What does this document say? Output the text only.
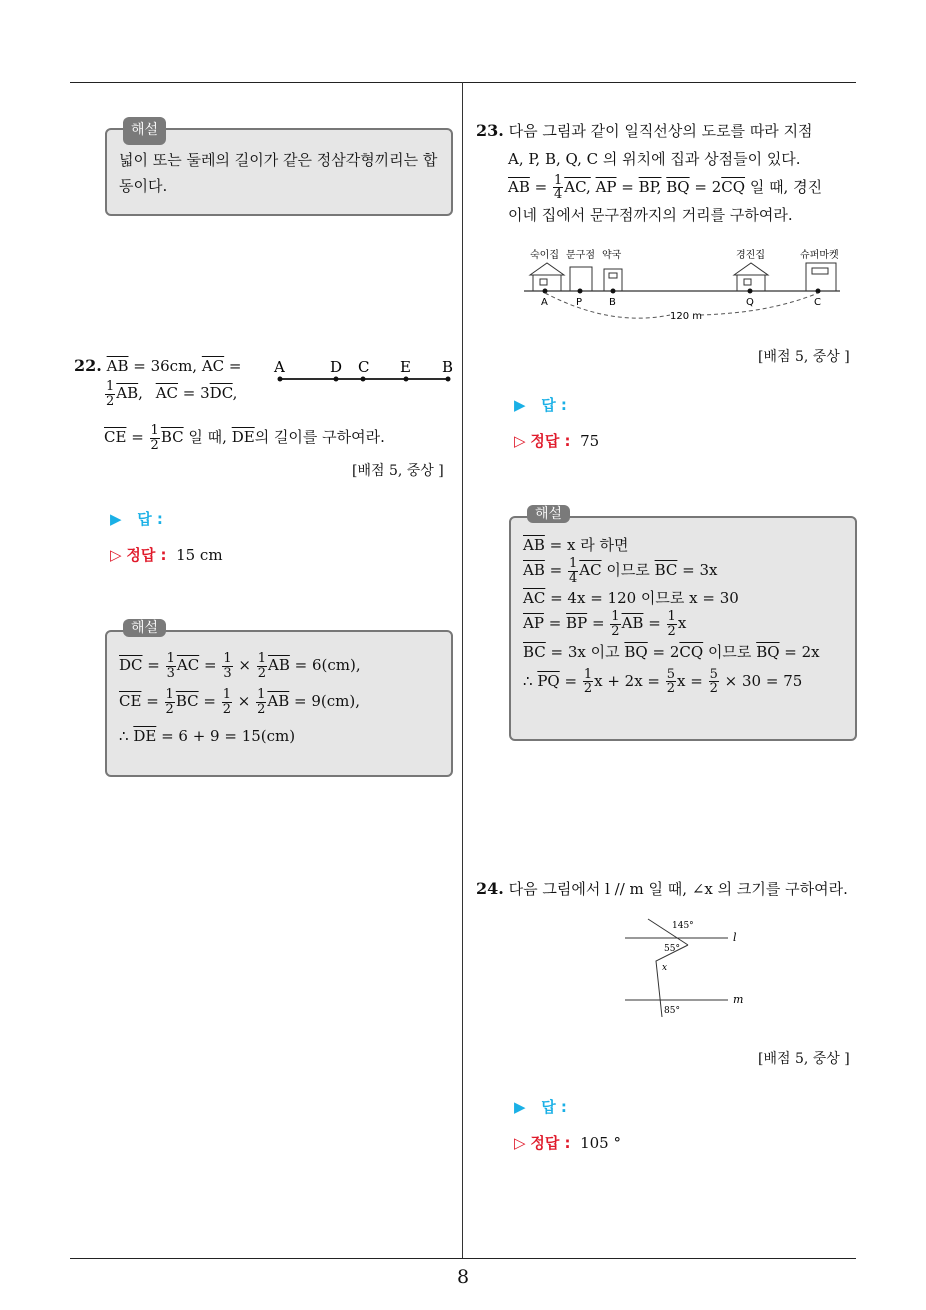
8
해설

넓이 또는 둘레의 길이가 같은 정삼각형끼리는 합

동이다.

22. $\overline{AB} = 36cm$, $\overline{AC}$ =

$\frac{1}{2} \overline{AB}$, $\overline{AC} = 3\overline{DC}$,
$\overline{CE} = \frac{1}{2} \overline{BC}$ 일 때, $\overline{DE}$의 길이를 구하여라.
A	D C E B
[배점 5, 중상 ]
▶ 답 :
▷ 정답 : 15 cm
해설

$\overline{DC} = \frac{1}{3} \overline{AC} = \frac{1}{3} \times \frac{1}{2} \overline{AB} = 6(cm)$,

$\overline{CE} = \frac{1}{2} \overline{BC} = \frac{1}{2} \times \frac{1}{2} \overline{AB} = 9(cm)$,

∴ $\overline{DE} = 6 + 9 = 15(cm)$

23. 다음 그림과 같이 일직선상의 도로를 따라 지점
A, P, B, Q, C 의 위치에 집과 상점들이 있다.
$\overline{AB} = \frac{1}{4}$ AC, $\overline{AP}$ = BP, $\overline{BQ} = 2\overline{CQ}$ 일 때, 경진
이네 집에서 문구점까지의 거리를 구하여라.
숙이집 문구점 약국	경진집	슈퍼마켓
A	P	B	Q	C
120 m
[배점 5, 중상 ]
▶ 답 :
▷ 정답 : 75
해설

$\overline{AB} = x$ 라 하면

$\overline{AB} = \frac{1}{4} \overline{AC}$ 이므로 $\overline{BC} = 3x$

$\overline{AC} = 4x = 120$ 이므로 x = 30

$\overline{AP} = \overline{BP} = \frac{1}{2} \overline{AB} = \frac{1}{2}$ x

$\overline{BC} = 3x$ 이고 $\overline{BQ} = 2\overline{CQ}$ 이므로 $\overline{BQ} = 2x$

∴ $\overline{PQ} = \frac{1}{2}$ $x + 2x = \frac{5}{2}$ $x = \frac{5}{2} \times 30 = 75$

24. 다음 그림에서 l // m 일 때, ∠x 의 크기를 구하여라.
145°
55°
x
85°
l
m
[배점 5, 중상 ]
▶ 답 :
▷ 정답 : 105 °
